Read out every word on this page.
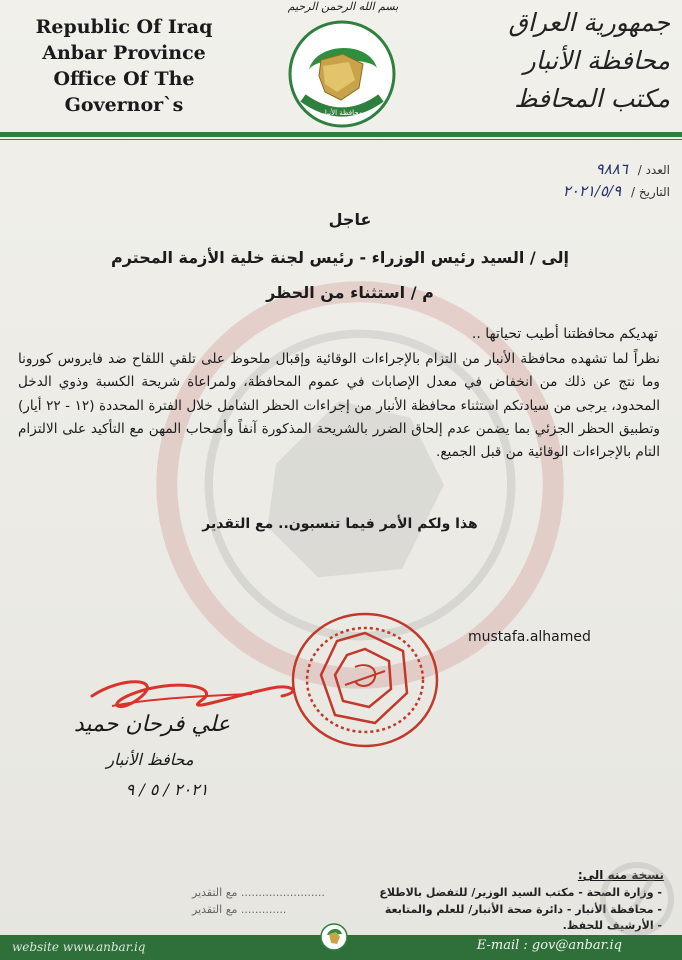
Republic Of Iraq
Anbar Province
Office Of The Governor`s
بسم الله الرحمن الرحيم
محافظة الأنبار
جمهورية العراق
محافظة الأنبار
مكتب المحافظ
العدد / ٩٨٨٦
التاريخ / ٢٠٢١/٥/٩
عاجل
إلى / السيد رئيس الوزراء - رئيس لجنة خلية الأزمة المحترم
م / استثناء من الحظر
تهديكم محافظتنا أطيب تحياتها ..
نظراً لما تشهده محافظة الأنبار من التزام بالإجراءات الوقائية وإقبال ملحوظ على تلقي اللقاح ضد فايروس كورونا وما نتج عن ذلك من انخفاض في معدل الإصابات في عموم المحافظة، ولمراعاة شريحة الكسبة وذوي الدخل المحدود، يرجى من سيادتكم استثناء محافظة الأنبار من إجراءات الحظر الشامل خلال الفترة المحددة (١٢ - ٢٢ أيار) وتطبيق الحظر الجزئي بما يضمن عدم إلحاق الضرر بالشريحة المذكورة آنفاً وأصحاب المهن مع التأكيد على الالتزام التام بالإجراءات الوقائية من قبل الجميع.
هذا ولكم الأمر فيما تنسبون.. مع التقدير
mustafa.alhamed
علي فرحان حميد
محافظ الأنبار
٢٠٢١ / ٥ / ٩
نسخة منه الى:
- وزارة الصحة - مكتب السيد الوزير/ للتفضل بالاطلاع
........................ مع التقدير
- محافظة الأنبار - دائرة صحة الأنبار/ للعلم والمتابعة
............. مع التقدير
- الأرشيف للحفظ.
website www.anbar.iq	E-mail : gov@anbar.iq
